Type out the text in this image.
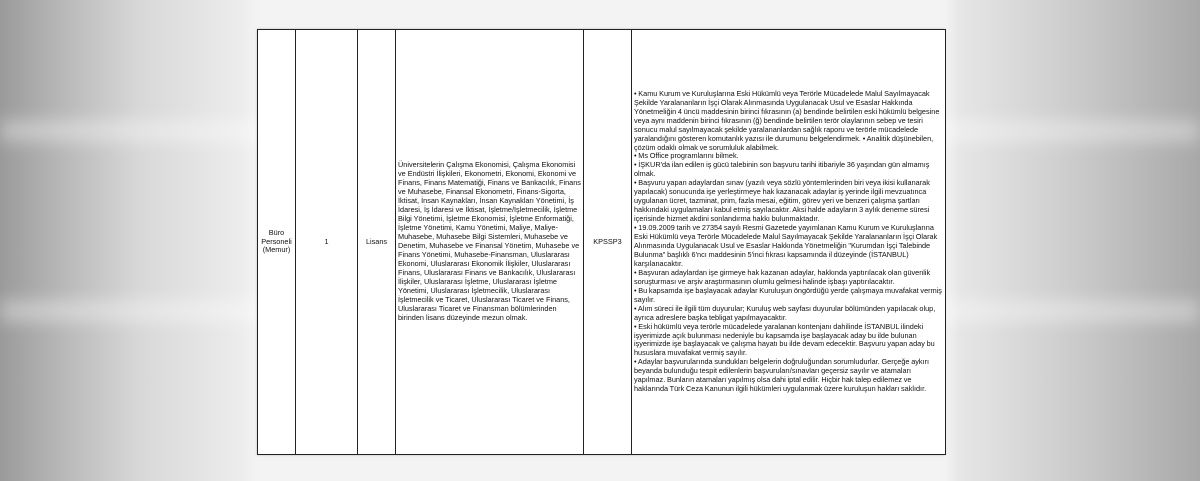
Büro Personeli (Memur)

1	Lisans

Üniversitelerin Çalışma Ekonomisi, Çalışma Ekonomisi ve Endüstri İlişkileri, Ekonometri, Ekonomi, Ekonomi ve Finans, Finans Matematiği, Finans ve Bankacılık, Finans ve Muhasebe, Finansal Ekonometri, Finans-Sigorta, İktisat, İnsan Kaynakları, İnsan Kaynakları Yönetimi, İş İdaresi, İş İdaresi ve İktisat, İşletme/İşletmecilik, İşletme Bilgi Yönetimi, İşletme Ekonomisi, İşletme Enformatiği, İşletme Yönetimi, Kamu Yönetimi, Maliye, Maliye-Muhasebe, Muhasebe Bilgi Sistemleri, Muhasebe ve Denetim, Muhasebe ve Finansal Yönetim, Muhasebe ve Finans Yönetimi, Muhasebe-Finansman, Uluslararası Ekonomi, Uluslararası Ekonomik İlişkiler, Uluslararası Finans, Uluslararası Finans ve Bankacılık, Uluslararası İlişkiler, Uluslararası İşletme, Uluslararası İşletme Yönetimi, Uluslararası İşletmecilik, Uluslararası İşletmecilik ve Ticaret, Uluslararası Ticaret ve Finans, Uluslararası Ticaret ve Finansman bölümlerinden birinden lisans düzeyinde mezun olmak.

KPSSP3

• Kamu Kurum ve Kuruluşlarına Eski Hükümlü veya Terörle Mücadelede Malul Sayılmayacak Şekilde Yaralananların İşçi Olarak Alınmasında Uygulanacak Usul ve Esaslar Hakkında Yönetmeliğin 4 üncü maddesinin birinci fıkrasının (a) bendinde belirtilen eski hükümlü belgesine veya aynı maddenin birinci fıkrasının (ğ) bendinde belirtilen terör olaylarının sebep ve tesiri sonucu malul sayılmayacak şekilde yaralananlardan sağlık raporu ve terörle mücadelede yaralandığını gösteren komutanlık yazısı ile durumunu belgelendirmek. • Analitik düşünebilen, çözüm odaklı olmak ve sorumluluk alabilmek.
• Ms Office programlarını bilmek.
• İŞKUR'da ilan edilen iş gücü talebinin son başvuru tarihi itibariyle 36 yaşından gün almamış olmak.
• Başvuru yapan adaylardan sınav (yazılı veya sözlü yöntemlerinden biri veya ikisi kullanarak yapılacak) sonucunda işe yerleştirmeye hak kazanacak adaylar iş yerinde ilgili mevzuatınca uygulanan ücret, tazminat, prim, fazla mesai, eğitim, görev yeri ve benzeri çalışma şartları hakkındaki uygulamaları kabul etmiş sayılacaktır. Aksi halde adayların 3 aylık deneme süresi içerisinde hizmet akdini sonlandırma hakkı bulunmaktadır.
• 19.09.2009 tarih ve 27354 sayılı Resmi Gazetede yayımlanan Kamu Kurum ve Kuruluşlarına Eski Hükümlü veya Terörle Mücadelede Malul Sayılmayacak Şekilde Yaralananların İşçi Olarak Alınmasında Uygulanacak Usul ve Esaslar Hakkında Yönetmeliğin "Kurumdan İşçi Talebinde Bulunma" başlıklı 6'ncı maddesinin 5'inci fıkrası kapsamında il düzeyinde (İSTANBUL) karşılanacaktır.
• Başvuran adaylardan işe girmeye hak kazanan adaylar, hakkında yaptırılacak olan güvenlik soruşturması ve arşiv araştırmasının olumlu gelmesi halinde işbaşı yaptırılacaktır.
• Bu kapsamda işe başlayacak adaylar Kuruluşun öngördüğü yerde çalışmaya muvafakat vermiş sayılır.
• Alım süreci ile ilgili tüm duyurular; Kuruluş web sayfası duyurular bölümünden yapılacak olup, ayrıca adreslere başka tebligat yapılmayacaktır.
• Eski hükümlü veya terörle mücadelede yaralanan kontenjanı dahilinde İSTANBUL ilindeki işyerimizde açık bulunması nedeniyle bu kapsamda işe başlayacak aday bu ilde bulunan işyerimizde işe başlayacak ve çalışma hayatı bu ilde devam edecektir. Başvuru yapan aday bu hususlara muvafakat vermiş sayılır.
• Adaylar başvurularında sundukları belgelerin doğruluğundan sorumludurlar. Gerçeğe aykırı beyanda bulunduğu tespit edilenlerin başvuruları/sınavları geçersiz sayılır ve atamaları yapılmaz. Bunların atamaları yapılmış olsa dahi iptal edilir. Hiçbir hak talep edilemez ve haklarında Türk Ceza Kanunun ilgili hükümleri uygulanmak üzere kuruluşun hakları saklıdır.
